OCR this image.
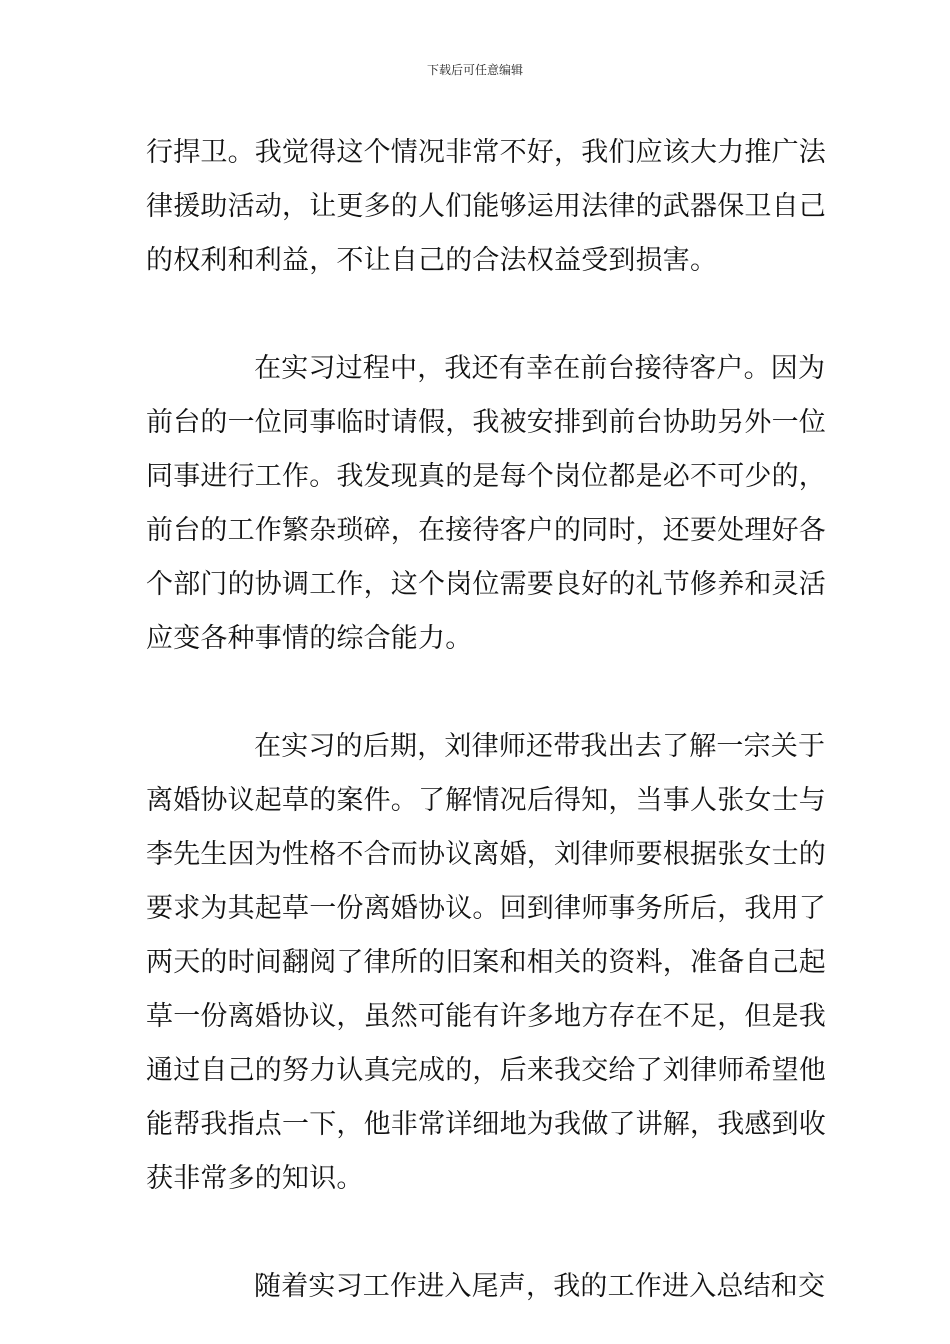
下载后可任意编辑
行捍卫。我觉得这个情况非常不好，我们应该大力推广法
律援助活动，让更多的人们能够运用法律的武器保卫自己
的权利和利益，不让自己的合法权益受到损害。
在实习过程中，我还有幸在前台接待客户。因为
前台的一位同事临时请假，我被安排到前台协助另外一位
同事进行工作。我发现真的是每个岗位都是必不可少的，
前台的工作繁杂琐碎，在接待客户的同时，还要处理好各
个部门的协调工作，这个岗位需要良好的礼节修养和灵活
应变各种事情的综合能力。
在实习的后期，刘律师还带我出去了解一宗关于
离婚协议起草的案件。了解情况后得知，当事人张女士与
李先生因为性格不合而协议离婚，刘律师要根据张女士的
要求为其起草一份离婚协议。回到律师事务所后，我用了
两天的时间翻阅了律所的旧案和相关的资料，准备自己起
草一份离婚协议，虽然可能有许多地方存在不足，但是我
通过自己的努力认真完成的，后来我交给了刘律师希望他
能帮我指点一下，他非常详细地为我做了讲解，我感到收
获非常多的知识。
随着实习工作进入尾声，我的工作进入总结和交
